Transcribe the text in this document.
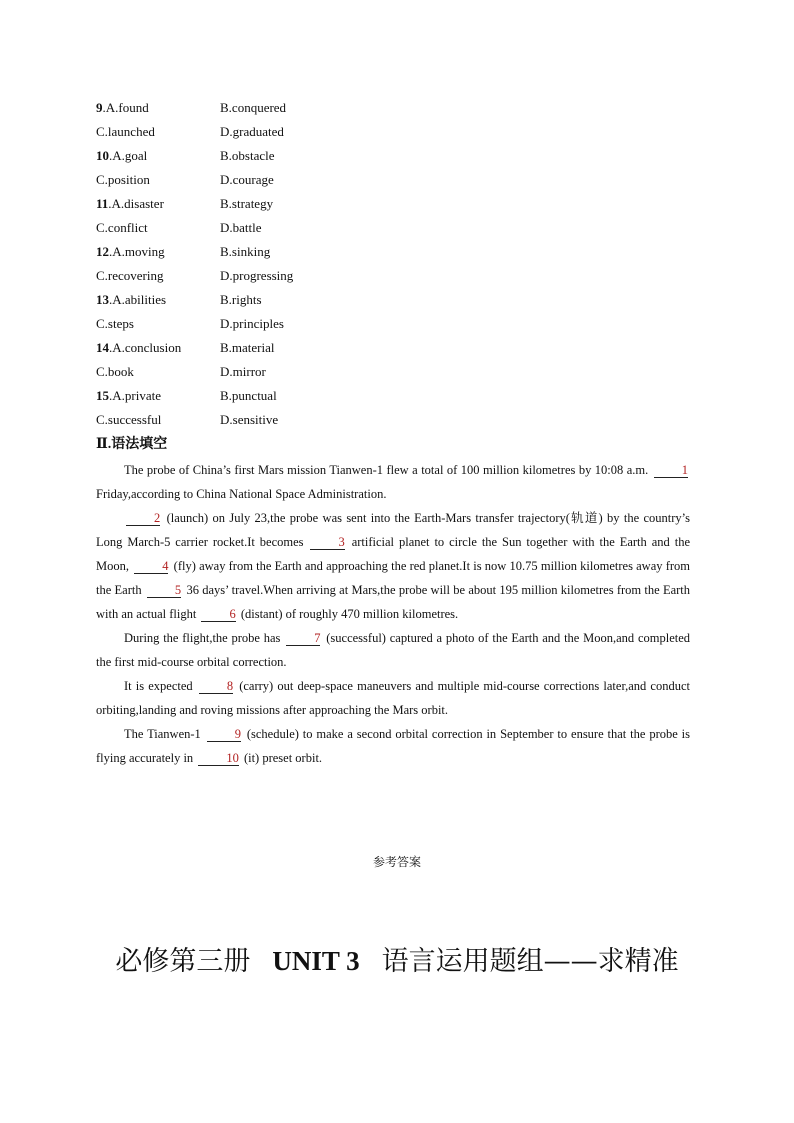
9.A.found	B.conquered
C.launched	D.graduated
10.A.goal	B.obstacle
C.position	D.courage
11.A.disaster	B.strategy
C.conflict	D.battle
12.A.moving	B.sinking
C.recovering	D.progressing
13.A.abilities	B.rights
C.steps	D.principles
14.A.conclusion	B.material
C.book	D.mirror
15.A.private	B.punctual
C.successful	D.sensitive
Ⅱ.语法填空

The probe of China’s first Mars mission Tianwen-1 flew a total of 100 million kilometres by 10:08 a.m.	1 Friday,according to China National Space Administration.

2 (launch) on July 23,the probe was sent into the Earth-Mars transfer trajectory(轨道) by the country’s Long March-5 carrier rocket.It becomes	3 artificial planet to circle the Sun together with the Earth and the Moon,	4 (fly) away from the Earth and approaching the red planet.It is now 10.75 million kilometres away from the Earth	5 36 days’ travel.When arriving at Mars,the probe will be about 195 million kilometres from the Earth with an actual flight	6 (distant) of roughly 470 million kilometres.

During the flight,the probe has	7 (successful) captured a photo of the Earth and the Moon,and completed the first mid-course orbital correction.

It is expected	8 (carry) out deep-space maneuvers and multiple mid-course corrections later,and conduct orbiting,landing and roving missions after approaching the Mars orbit.

The Tianwen-1	9 (schedule) to make a second orbital correction in September to ensure that the probe is flying accurately in	10 (it) preset orbit.

参考答案
必修第三册 UNIT 3 语言运用题组——求精准
